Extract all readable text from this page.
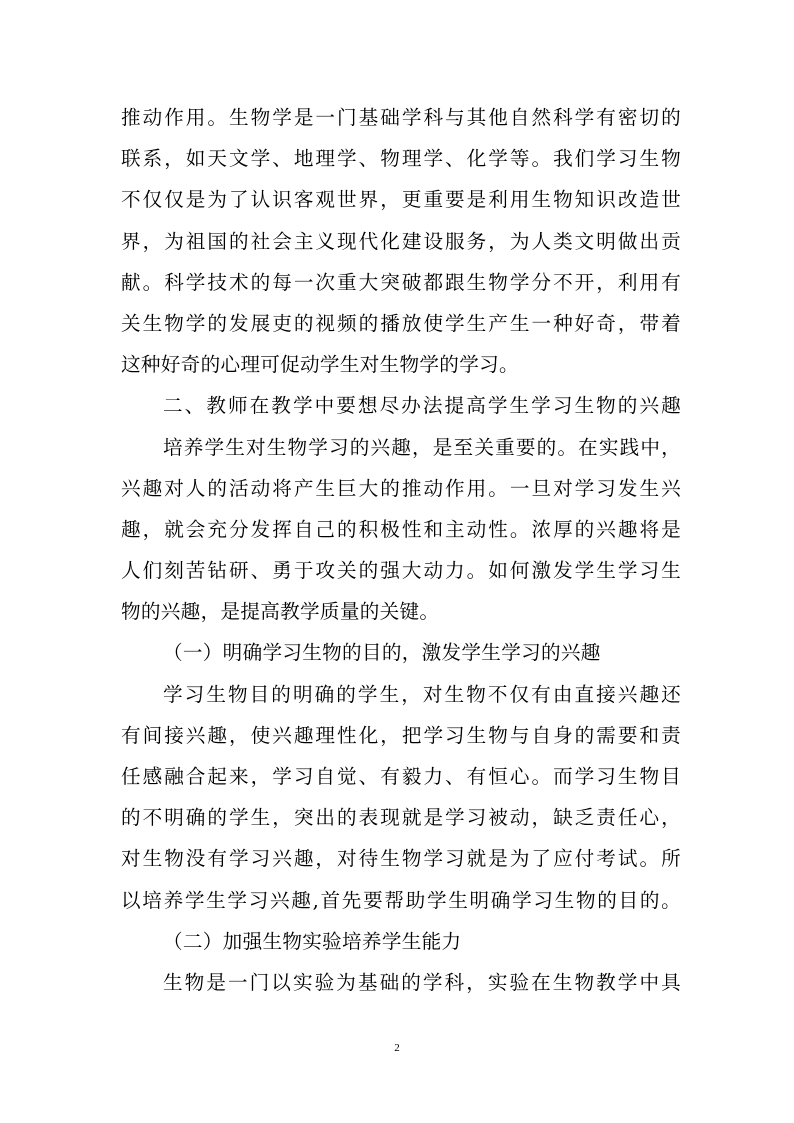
推动作用。生物学是一门基础学科与其他自然科学有密切的
联系，如天文学、地理学、物理学、化学等。我们学习生物
不仅仅是为了认识客观世界，更重要是利用生物知识改造世
界，为祖国的社会主义现代化建设服务，为人类文明做出贡
献。科学技术的每一次重大突破都跟生物学分不开，利用有
关生物学的发展吏的视频的播放使学生产生一种好奇，带着
这种好奇的心理可促动学生对生物学的学习。
二、教师在教学中要想尽办法提高学生学习生物的兴趣
培养学生对生物学习的兴趣，是至关重要的。在实践中，
兴趣对人的活动将产生巨大的推动作用。一旦对学习发生兴
趣，就会充分发挥自己的积极性和主动性。浓厚的兴趣将是
人们刻苦钻研、勇于攻关的强大动力。如何激发学生学习生
物的兴趣，是提高教学质量的关键。
（一）明确学习生物的目的，激发学生学习的兴趣
学习生物目的明确的学生，对生物不仅有由直接兴趣还
有间接兴趣，使兴趣理性化，把学习生物与自身的需要和责
任感融合起来，学习自觉、有毅力、有恒心。而学习生物目
的不明确的学生，突出的表现就是学习被动，缺乏责任心，
对生物没有学习兴趣，对待生物学习就是为了应付考试。所
以培养学生学习兴趣,首先要帮助学生明确学习生物的目的。
（二）加强生物实验培养学生能力
生物是一门以实验为基础的学科，实验在生物教学中具
2
